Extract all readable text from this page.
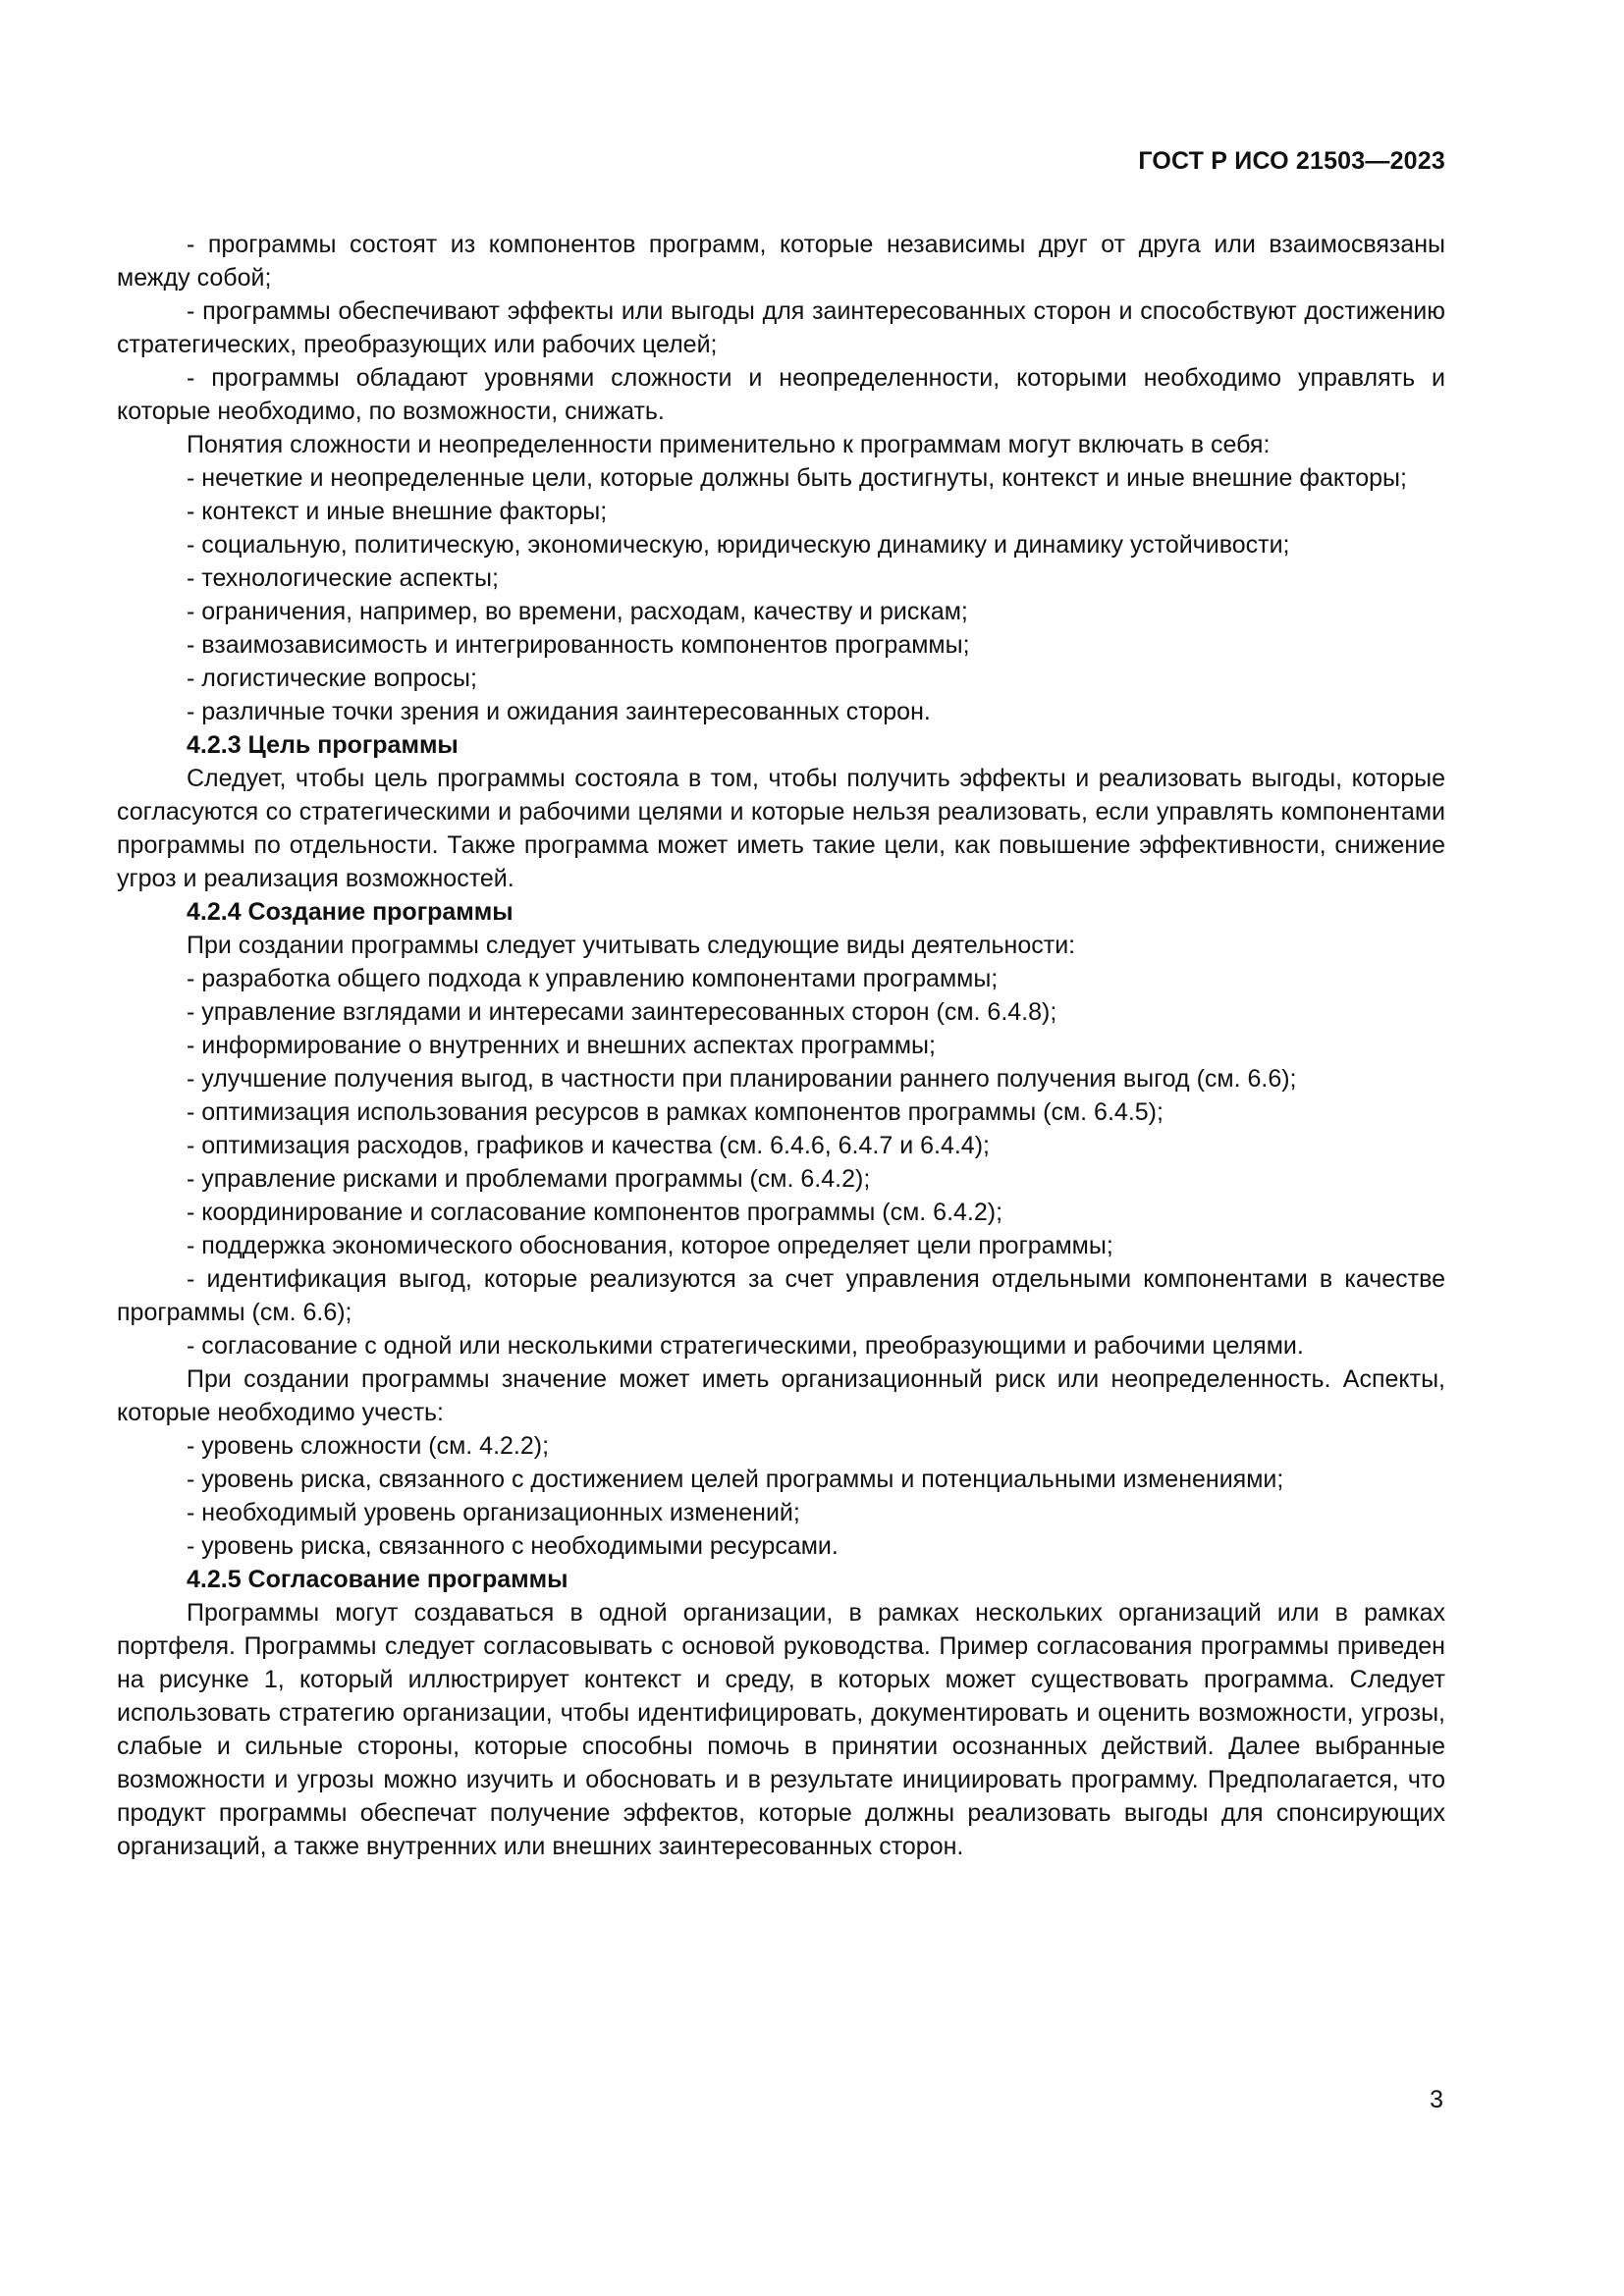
ГОСТ Р ИСО 21503—2023

- программы состоят из компонентов программ, которые независимы друг от друга или взаимосвязаны между собой;

- программы обеспечивают эффекты или выгоды для заинтересованных сторон и способствуют достижению стратегических, преобразующих или рабочих целей;

- программы обладают уровнями сложности и неопределенности, которыми необходимо управлять и которые необходимо, по возможности, снижать.

Понятия сложности и неопределенности применительно к программам могут включать в себя:

- нечеткие и неопределенные цели, которые должны быть достигнуты, контекст и иные внешние факторы;

- контекст и иные внешние факторы;

- социальную, политическую, экономическую, юридическую динамику и динамику устойчивости;

- технологические аспекты;

- ограничения, например, во времени, расходам, качеству и рискам;

- взаимозависимость и интегрированность компонентов программы;

- логистические вопросы;

- различные точки зрения и ожидания заинтересованных сторон.

4.2.3 Цель программы

Следует, чтобы цель программы состояла в том, чтобы получить эффекты и реализовать выгоды, которые согласуются со стратегическими и рабочими целями и которые нельзя реализовать, если управлять компонентами программы по отдельности. Также программа может иметь такие цели, как повышение эффективности, снижение угроз и реализация возможностей.

4.2.4 Создание программы

При создании программы следует учитывать следующие виды деятельности:

- разработка общего подхода к управлению компонентами программы;

- управление взглядами и интересами заинтересованных сторон (см. 6.4.8);

- информирование о внутренних и внешних аспектах программы;

- улучшение получения выгод, в частности при планировании раннего получения выгод (см. 6.6);

- оптимизация использования ресурсов в рамках компонентов программы (см. 6.4.5);

- оптимизация расходов, графиков и качества (см. 6.4.6, 6.4.7 и 6.4.4);

- управление рисками и проблемами программы (см. 6.4.2);

- координирование и согласование компонентов программы (см. 6.4.2);

- поддержка экономического обоснования, которое определяет цели программы;

- идентификация выгод, которые реализуются за счет управления отдельными компонентами в качестве программы (см. 6.6);

- согласование с одной или несколькими стратегическими, преобразующими и рабочими целями.

При создании программы значение может иметь организационный риск или неопределенность. Аспекты, которые необходимо учесть:

- уровень сложности (см. 4.2.2);

- уровень риска, связанного с достижением целей программы и потенциальными изменениями;

- необходимый уровень организационных изменений;

- уровень риска, связанного с необходимыми ресурсами.

4.2.5 Согласование программы

Программы могут создаваться в одной организации, в рамках нескольких организаций или в рамках портфеля. Программы следует согласовывать с основой руководства. Пример согласования программы приведен на рисунке 1, который иллюстрирует контекст и среду, в которых может существовать программа. Следует использовать стратегию организации, чтобы идентифицировать, документировать и оценить возможности, угрозы, слабые и сильные стороны, которые способны помочь в принятии осознанных действий. Далее выбранные возможности и угрозы можно изучить и обосновать и в результате инициировать программу. Предполагается, что продукт программы обеспечат получение эффектов, которые должны реализовать выгоды для спонсирующих организаций, а также внутренних или внешних заинтересованных сторон.

3
